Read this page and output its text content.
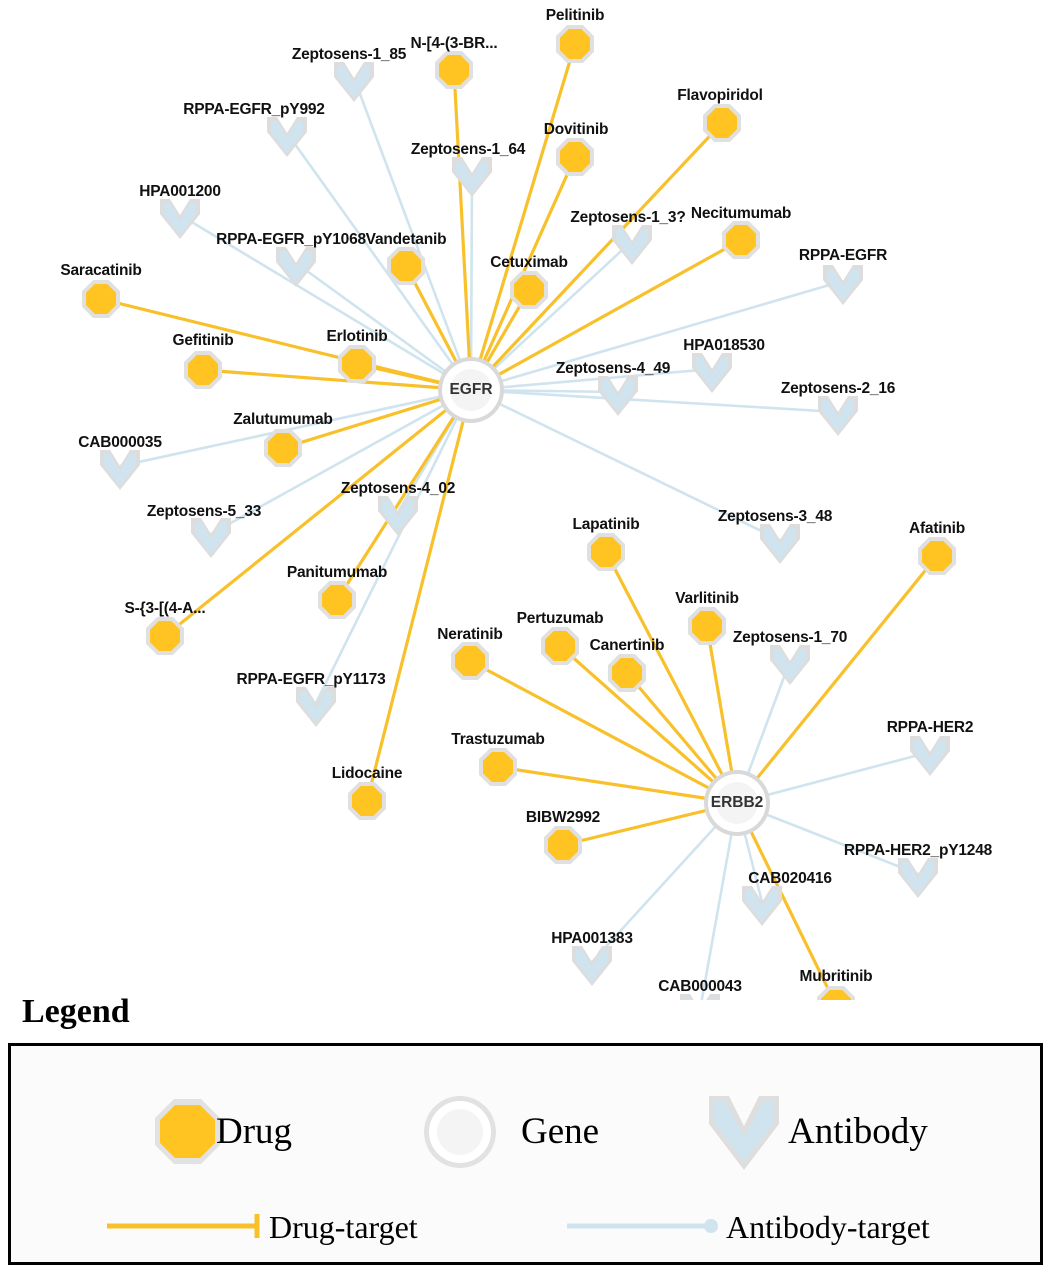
Zeptosens-1_85
RPPA-EGFR_pY992
Zeptosens-1_64
HPA001200
Zeptosens-1_3?
RPPA-EGFR_pY1068
RPPA-EGFR
HPA018530
Zeptosens-4_49
Zeptosens-2_16
CAB000035
Zeptosens-4_02
Zeptosens-5_33	Zeptosens-3_48
Zeptosens-1_70
RPPA-EGFR_pY1173
RPPA-HER2
RPPA-HER2_pY1248
CAB020416
HPA001383
CAB000043
Pelitinib
N-[4-(3-BR...
Flavopiridol
Dovitinib
Necitumumab
Vandetanib
Cetuximab
Saracatinib
Erlotinib
Gefitinib
Zalutumumab
Lapatinib	Afatinib
Panitumumab
Varlitinib
S-{3-[(4-A...
Pertuzumab
Neratinib
Canertinib
Trastuzumab
Lidocaine
BIBW2992
Mubritinib
EGFR
ERBB2
Legend
Drug	Gene	Antibody
Drug-target	Antibody-target
